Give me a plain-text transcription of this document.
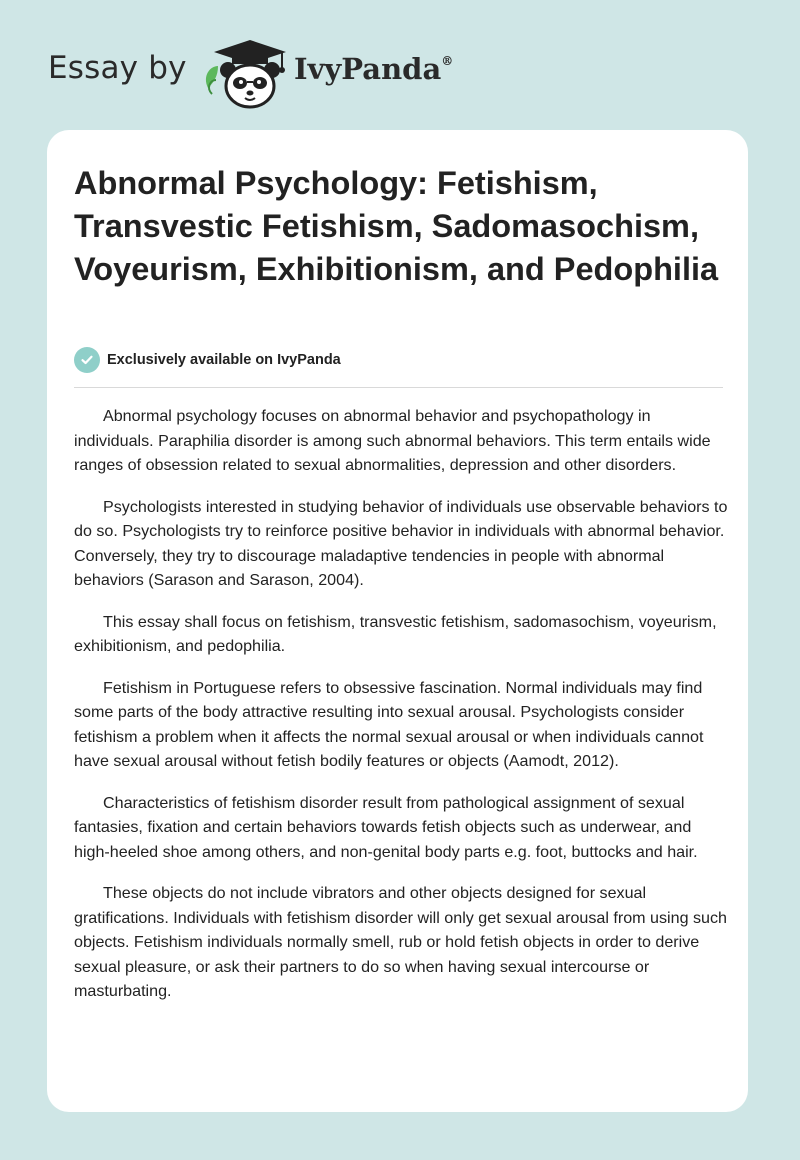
Essay by	IvyPanda®
Abnormal Psychology: Fetishism, Transvestic Fetishism, Sadomasochism, Voyeurism, Exhibitionism, and Pedophilia
Exclusively available on IvyPanda

Abnormal psychology focuses on abnormal behavior and psychopathology in individuals. Paraphilia disorder is among such abnormal behaviors. This term entails wide ranges of obsession related to sexual abnormalities, depression and other disorders.

Psychologists interested in studying behavior of individuals use observable behaviors to do so. Psychologists try to reinforce positive behavior in individuals with abnormal behavior. Conversely, they try to discourage maladaptive tendencies in people with abnormal behaviors (Sarason and Sarason, 2004).

This essay shall focus on fetishism, transvestic fetishism, sadomasochism, voyeurism, exhibitionism, and pedophilia.

Fetishism in Portuguese refers to obsessive fascination. Normal individuals may find some parts of the body attractive resulting into sexual arousal. Psychologists consider fetishism a problem when it affects the normal sexual arousal or when individuals cannot have sexual arousal without fetish bodily features or objects (Aamodt, 2012).

Characteristics of fetishism disorder result from pathological assignment of sexual fantasies, fixation and certain behaviors towards fetish objects such as underwear, and high-heeled shoe among others, and non-genital body parts e.g. foot, buttocks and hair.

These objects do not include vibrators and other objects designed for sexual gratifications. Individuals with fetishism disorder will only get sexual arousal from using such objects. Fetishism individuals normally smell, rub or hold fetish objects in order to derive sexual pleasure, or ask their partners to do so when having sexual intercourse or masturbating.
